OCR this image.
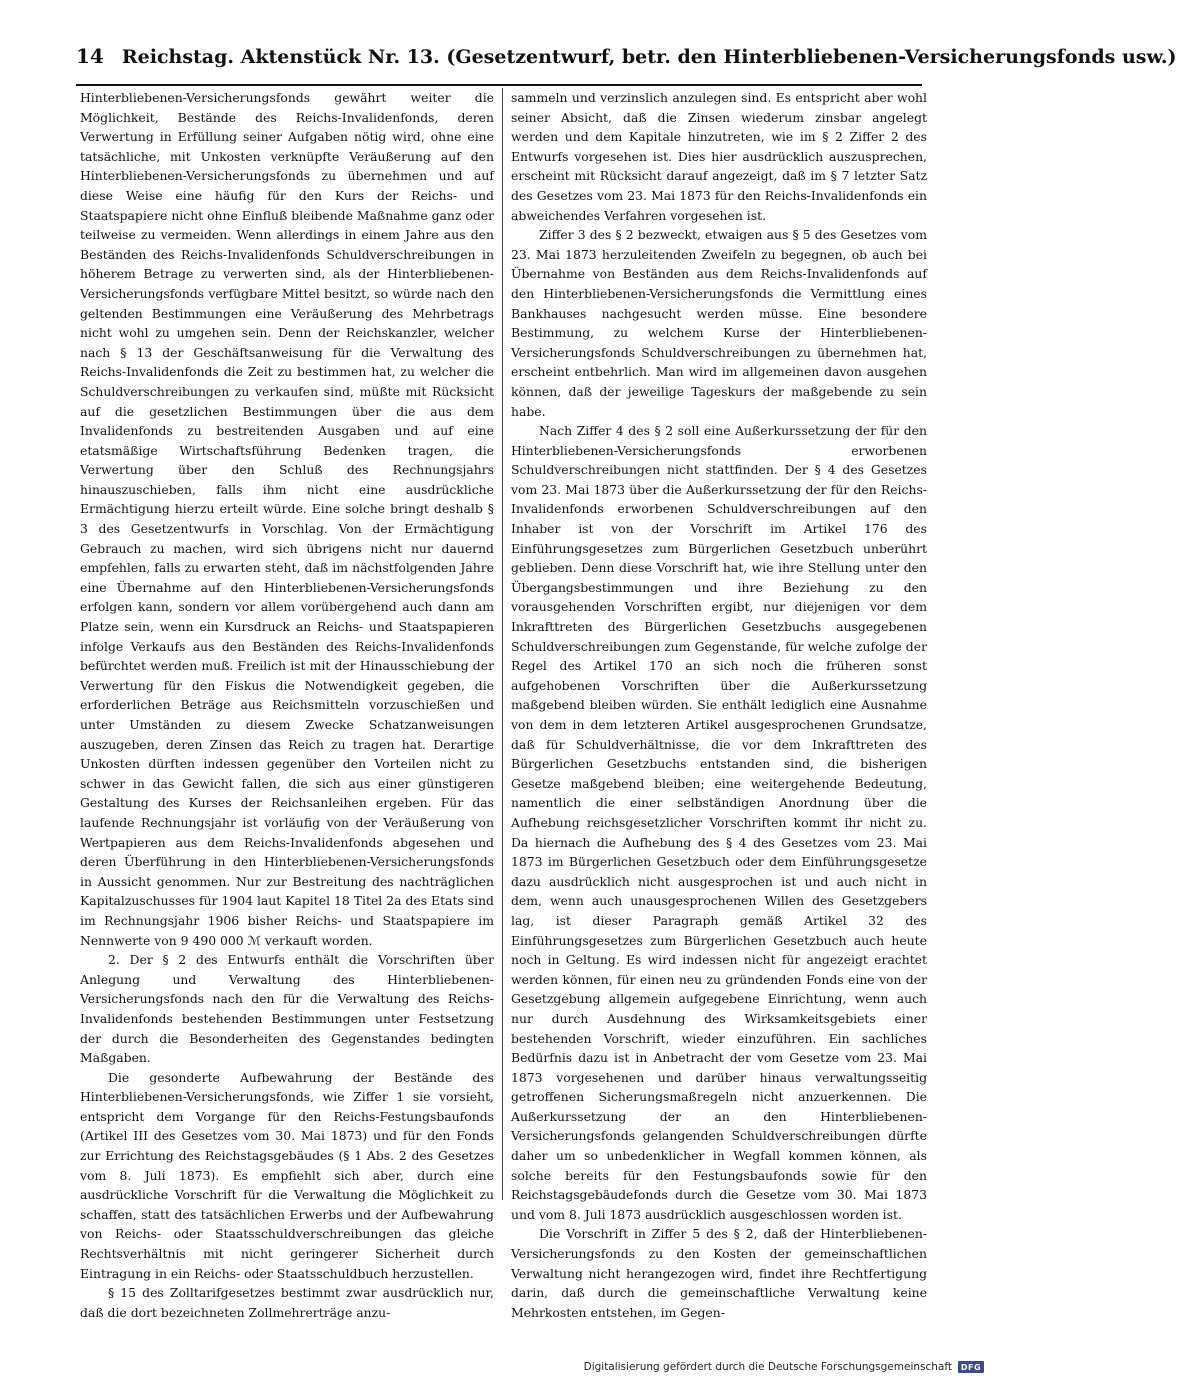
14 Reichstag. Aktenstück Nr. 13. (Gesetzentwurf, betr. den Hinterbliebenen-Versicherungsfonds usw.)

Hinterbliebenen-Versicherungsfonds gewährt weiter die Möglichkeit, Bestände des Reichs-Invalidenfonds, deren Verwertung in Erfüllung seiner Aufgaben nötig wird, ohne eine tatsächliche, mit Unkosten verknüpfte Veräußerung auf den Hinterbliebenen-Versicherungsfonds zu übernehmen und auf diese Weise eine häufig für den Kurs der Reichs- und Staatspapiere nicht ohne Einfluß bleibende Maßnahme ganz oder teilweise zu vermeiden. Wenn allerdings in einem Jahre aus den Beständen des Reichs-Invalidenfonds Schuldverschreibungen in höherem Betrage zu verwerten sind, als der Hinterbliebenen-Versicherungsfonds verfügbare Mittel besitzt, so würde nach den geltenden Bestimmungen eine Veräußerung des Mehrbetrags nicht wohl zu umgehen sein. Denn der Reichskanzler, welcher nach § 13 der Geschäftsanweisung für die Verwaltung des Reichs-Invalidenfonds die Zeit zu bestimmen hat, zu welcher die Schuldverschreibungen zu verkaufen sind, müßte mit Rücksicht auf die gesetzlichen Bestimmungen über die aus dem Invalidenfonds zu bestreitenden Ausgaben und auf eine etatsmäßige Wirtschaftsführung Bedenken tragen, die Verwertung über den Schluß des Rechnungsjahrs hinauszuschieben, falls ihm nicht eine ausdrückliche Ermächtigung hierzu erteilt würde. Eine solche bringt deshalb § 3 des Gesetzentwurfs in Vorschlag. Von der Ermächtigung Gebrauch zu machen, wird sich übrigens nicht nur dauernd empfehlen, falls zu erwarten steht, daß im nächstfolgenden Jahre eine Übernahme auf den Hinterbliebenen-Versicherungsfonds erfolgen kann, sondern vor allem vorübergehend auch dann am Platze sein, wenn ein Kursdruck an Reichs- und Staatspapieren infolge Verkaufs aus den Beständen des Reichs-Invalidenfonds befürchtet werden muß. Freilich ist mit der Hinausschiebung der Verwertung für den Fiskus die Notwendigkeit gegeben, die erforderlichen Beträge aus Reichsmitteln vorzuschießen und unter Umständen zu diesem Zwecke Schatzanweisungen auszugeben, deren Zinsen das Reich zu tragen hat. Derartige Unkosten dürften indessen gegenüber den Vorteilen nicht zu schwer in das Gewicht fallen, die sich aus einer günstigeren Gestaltung des Kurses der Reichsanleihen ergeben. Für das laufende Rechnungsjahr ist vorläufig von der Veräußerung von Wertpapieren aus dem Reichs-Invalidenfonds abgesehen und deren Überführung in den Hinterbliebenen-Versicherungsfonds in Aussicht genommen. Nur zur Bestreitung des nachträglichen Kapitalzuschusses für 1904 laut Kapitel 18 Titel 2a des Etats sind im Rechnungsjahr 1906 bisher Reichs- und Staatspapiere im Nennwerte von 9 490 000 ℳ verkauft worden.

2. Der § 2 des Entwurfs enthält die Vorschriften über Anlegung und Verwaltung des Hinterbliebenen-Versicherungsfonds nach den für die Verwaltung des Reichs-Invalidenfonds bestehenden Bestimmungen unter Festsetzung der durch die Besonderheiten des Gegenstandes bedingten Maßgaben.

Die gesonderte Aufbewahrung der Bestände des Hinterbliebenen-Versicherungsfonds, wie Ziffer 1 sie vorsieht, entspricht dem Vorgange für den Reichs-Festungsbaufonds (Artikel III des Gesetzes vom 30. Mai 1873) und für den Fonds zur Errichtung des Reichstagsgebäudes (§ 1 Abs. 2 des Gesetzes vom 8. Juli 1873). Es empfiehlt sich aber, durch eine ausdrückliche Vorschrift für die Verwaltung die Möglichkeit zu schaffen, statt des tatsächlichen Erwerbs und der Aufbewahrung von Reichs- oder Staatsschuldverschreibungen das gleiche Rechtsverhältnis mit nicht geringerer Sicherheit durch Eintragung in ein Reichs- oder Staatsschuldbuch herzustellen.

§ 15 des Zolltarifgesetzes bestimmt zwar ausdrücklich nur, daß die dort bezeichneten Zollmehrerträge anzu-

sammeln und verzinslich anzulegen sind. Es entspricht aber wohl seiner Absicht, daß die Zinsen wiederum zinsbar angelegt werden und dem Kapitale hinzutreten, wie im § 2 Ziffer 2 des Entwurfs vorgesehen ist. Dies hier ausdrücklich auszusprechen, erscheint mit Rücksicht darauf angezeigt, daß im § 7 letzter Satz des Gesetzes vom 23. Mai 1873 für den Reichs-Invalidenfonds ein abweichendes Verfahren vorgesehen ist.

Ziffer 3 des § 2 bezweckt, etwaigen aus § 5 des Gesetzes vom 23. Mai 1873 herzuleitenden Zweifeln zu begegnen, ob auch bei Übernahme von Beständen aus dem Reichs-Invalidenfonds auf den Hinterbliebenen-Versicherungsfonds die Vermittlung eines Bankhauses nachgesucht werden müsse. Eine besondere Bestimmung, zu welchem Kurse der Hinterbliebenen-Versicherungsfonds Schuldverschreibungen zu übernehmen hat, erscheint entbehrlich. Man wird im allgemeinen davon ausgehen können, daß der jeweilige Tageskurs der maßgebende zu sein habe.

Nach Ziffer 4 des § 2 soll eine Außerkurssetzung der für den Hinterbliebenen-Versicherungsfonds erworbenen Schuldverschreibungen nicht stattfinden. Der § 4 des Gesetzes vom 23. Mai 1873 über die Außerkurssetzung der für den Reichs-Invalidenfonds erworbenen Schuldverschreibungen auf den Inhaber ist von der Vorschrift im Artikel 176 des Einführungsgesetzes zum Bürgerlichen Gesetzbuch unberührt geblieben. Denn diese Vorschrift hat, wie ihre Stellung unter den Übergangsbestimmungen und ihre Beziehung zu den vorausgehenden Vorschriften ergibt, nur diejenigen vor dem Inkrafttreten des Bürgerlichen Gesetzbuchs ausgegebenen Schuldverschreibungen zum Gegenstande, für welche zufolge der Regel des Artikel 170 an sich noch die früheren sonst aufgehobenen Vorschriften über die Außerkurssetzung maßgebend bleiben würden. Sie enthält lediglich eine Ausnahme von dem in dem letzteren Artikel ausgesprochenen Grundsatze, daß für Schuldverhältnisse, die vor dem Inkrafttreten des Bürgerlichen Gesetzbuchs entstanden sind, die bisherigen Gesetze maßgebend bleiben; eine weitergehende Bedeutung, namentlich die einer selbständigen Anordnung über die Aufhebung reichsgesetzlicher Vorschriften kommt ihr nicht zu. Da hiernach die Aufhebung des § 4 des Gesetzes vom 23. Mai 1873 im Bürgerlichen Gesetzbuch oder dem Einführungsgesetze dazu ausdrücklich nicht ausgesprochen ist und auch nicht in dem, wenn auch unausgesprochenen Willen des Gesetzgebers lag, ist dieser Paragraph gemäß Artikel 32 des Einführungsgesetzes zum Bürgerlichen Gesetzbuch auch heute noch in Geltung. Es wird indessen nicht für angezeigt erachtet werden können, für einen neu zu gründenden Fonds eine von der Gesetzgebung allgemein aufgegebene Einrichtung, wenn auch nur durch Ausdehnung des Wirksamkeitsgebiets einer bestehenden Vorschrift, wieder einzuführen. Ein sachliches Bedürfnis dazu ist in Anbetracht der vom Gesetze vom 23. Mai 1873 vorgesehenen und darüber hinaus verwaltungsseitig getroffenen Sicherungsmaßregeln nicht anzuerkennen. Die Außerkurssetzung der an den Hinterbliebenen-Versicherungsfonds gelangenden Schuldverschreibungen dürfte daher um so unbedenklicher in Wegfall kommen können, als solche bereits für den Festungsbaufonds sowie für den Reichstagsgebäudefonds durch die Gesetze vom 30. Mai 1873 und vom 8. Juli 1873 ausdrücklich ausgeschlossen worden ist.

Die Vorschrift in Ziffer 5 des § 2, daß der Hinterbliebenen-Versicherungsfonds zu den Kosten der gemeinschaftlichen Verwaltung nicht herangezogen wird, findet ihre Rechtfertigung darin, daß durch die gemeinschaftliche Verwaltung keine Mehrkosten entstehen, im Gegen-

Digitalisierung gefördert durch die Deutsche Forschungsgemeinschaft	DFG
